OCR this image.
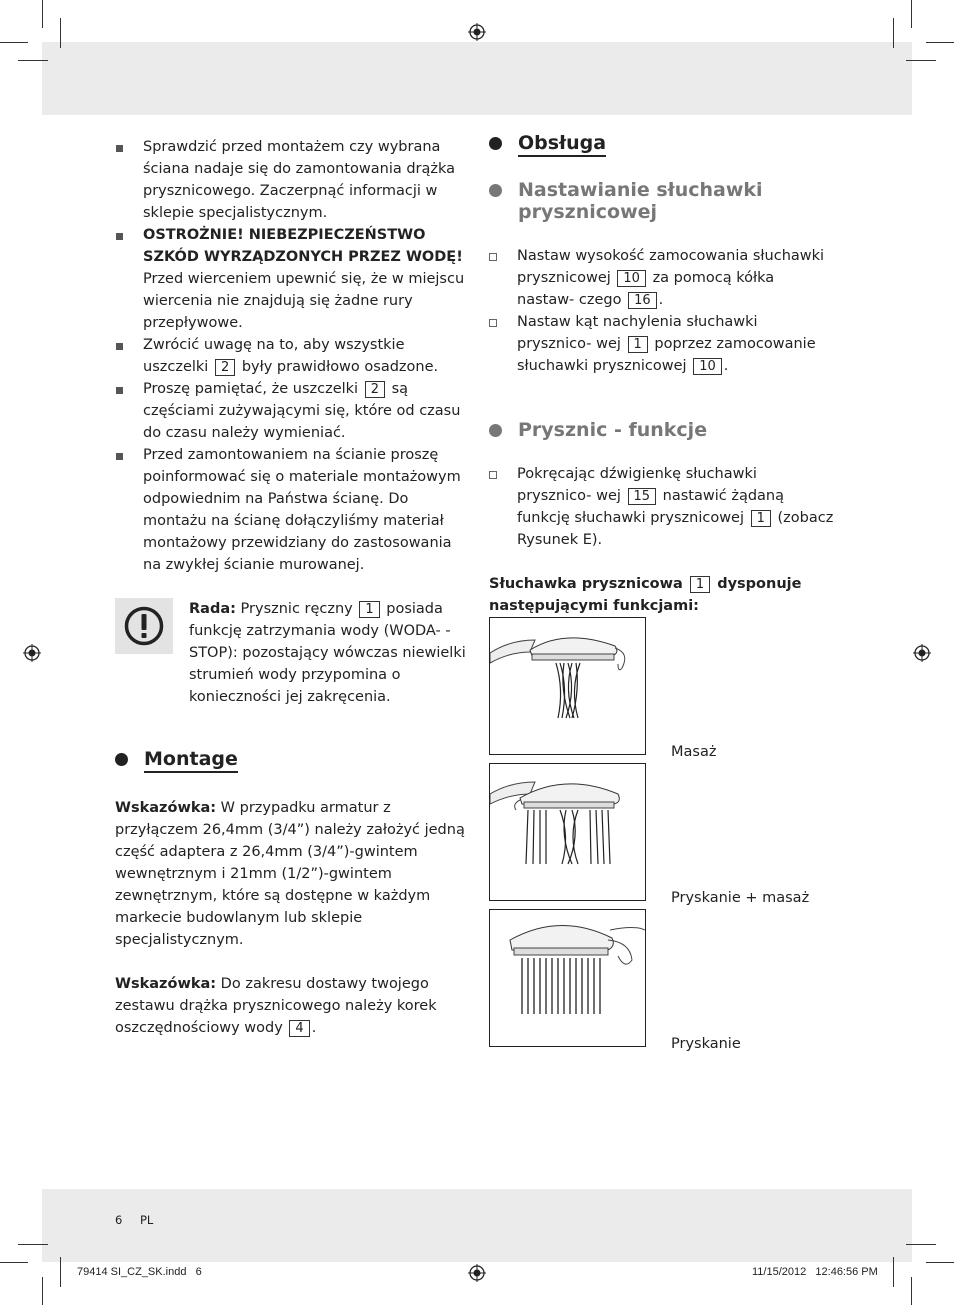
Sprawdzić przed montażem czy wybrana ściana nadaje się do zamontowania drążka prysznicowego. Zaczerpnąć informacji w sklepie specjalistycznym.
OSTROŻNIE! NIEBEZPIECZEŃSTWO SZKÓD WYRZĄDZONYCH PRZEZ WODĘ! Przed wierceniem upewnić się, że w miejscu wiercenia nie znajdują się żadne rury przepływowe.
Zwrócić uwagę na to, aby wszystkie uszczelki 2 były prawidłowo osadzone.
Proszę pamiętać, że uszczelki 2 są częściami zużywającymi się, które od czasu do czasu należy wymieniać.
Przed zamontowaniem na ścianie proszę poinformować się o materiale montażowym odpowiednim na Państwa ścianę. Do montażu na ścianę dołączyliśmy materiał montażowy przewidziany do zastosowania na zwykłej ścianie murowanej.
Rada: Prysznic ręczny 1 posiada funkcję zatrzymania wody (WODA- -STOP): pozostający wówczas niewielki strumień wody przypomina o konieczności jej zakręcenia.
Montage

Wskazówka: W przypadku armatur z przyłączem 26,4mm (3/4”) należy założyć jedną część adaptera z 26,4mm (3/4”)-gwintem wewnętrznym i 21mm (1/2”)-gwintem zewnętrznym, które są dostępne w każdym markecie budowlanym lub sklepie specjalistycznym.

Wskazówka: Do zakresu dostawy twojego zestawu drążka prysznicowego należy korek oszczędnościowy wody 4 .

Obsługa
Nastawianie słuchawki prysznicowej
Nastaw wysokość zamocowania słuchawki prysznicowej 10 za pomocą kółka nastaw- czego 16 .
Nastaw kąt nachylenia słuchawki prysznico- wej 1 poprzez zamocowanie słuchawki prysznicowej 10 .
Prysznic - funkcje
Pokręcając dźwigienkę słuchawki prysznico- wej 15 nastawić żądaną funkcję słuchawki prysznicowej 1 (zobacz Rysunek E).

Słuchawka prysznicowa 1 dysponuje następującymi funkcjami:

Masaż
Pryskanie + masaż
Pryskanie
6 PL
79414 SI_CZ_SK.indd   6	11/15/2012   12:46:56 PM
